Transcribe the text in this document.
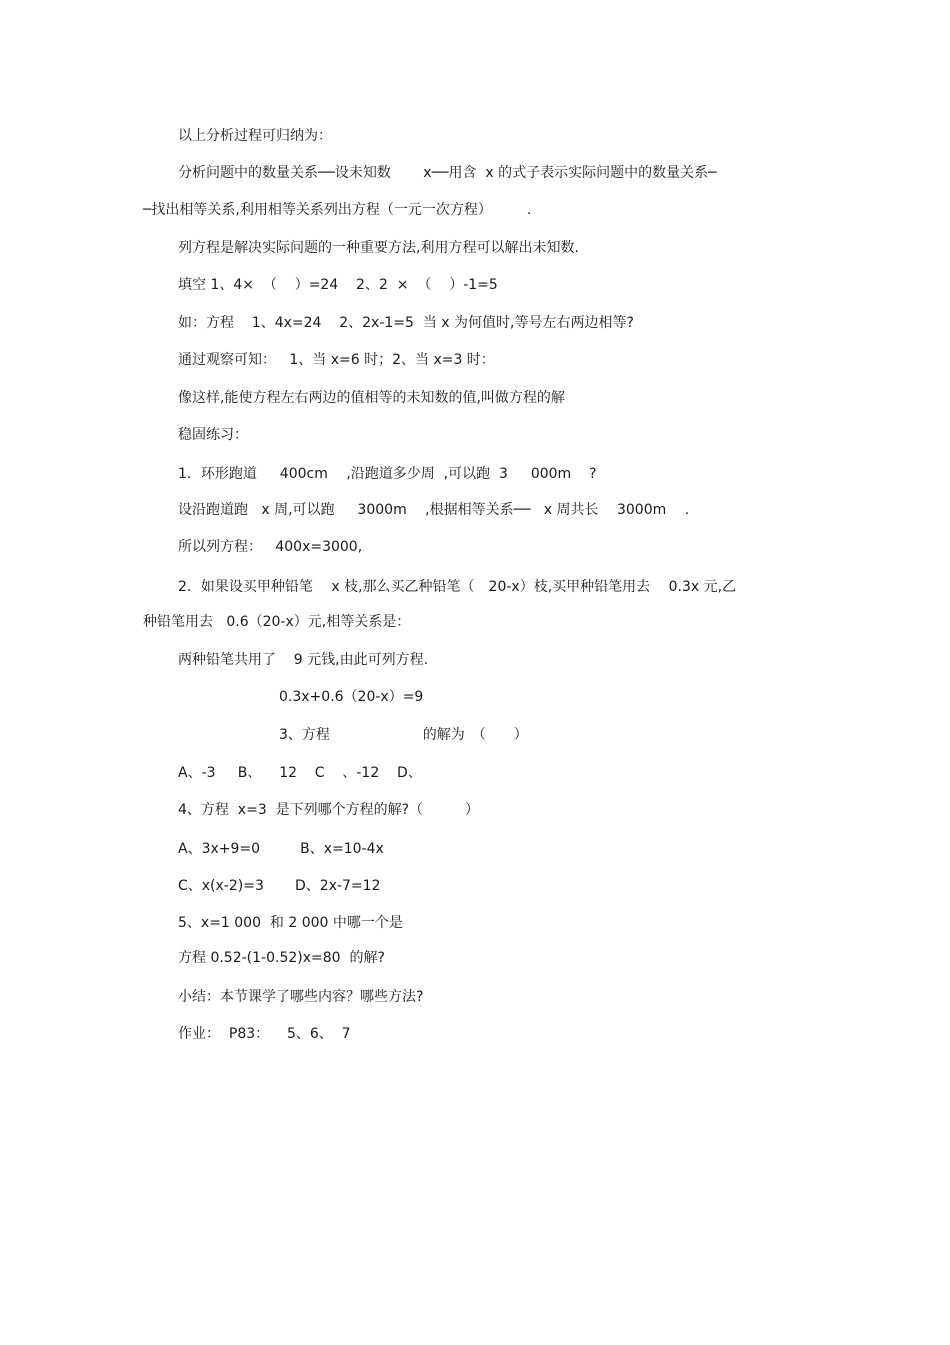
以上分析过程可归纳为：
分析问题中的数量关系──设未知数　　 x──用含  x 的式子表示实际问题中的数量关系─
─找出相等关系,利用相等关系列出方程（一元一次方程）　　　.
列方程是解决实际问题的一种重要方法,利用方程可以解出未知数.
填空 1、4×  （    ）=24    2、2  ×  （    ）-1=5
如：方程    1、4x=24    2、2x-1=5  当 x 为何值时,等号左右两边相等?
通过观察可知：   1、当 x=6 时；2、当 x=3 时：
像这样,能使方程左右两边的值相等的未知数的值,叫做方程的解
稳固练习：
1．环形跑道　  400cm　 ,沿跑道多少周  ,可以跑  3　  000m    ?
设沿跑道跑   x 周,可以跑　  3000m　 ,根据相等关系──   x 周共长　 3000m　 .
所以列方程：   400x=3000,
2．如果设买甲种铅笔　 x 枝,那么买乙种铅笔（　20-x）枝,买甲种铅笔用去　 0.3x 元,乙
种铅笔用去   0.6（20-x）元,相等关系是：
两种铅笔共用了    9 元钱,由此可列方程.
0.3x+0.6（20-x）=9
3、方程　　　　　　  的解为　（　　）
A、-3     B、    12    C    、-12    D、
4、方程  x=3  是下列哪个方程的解?（　　　）
A、3x+9=0         B、x=10-4x
C、x(x-2)=3       D、2x-7=12
5、x=1 000  和 2 000 中哪一个是
方程 0.52-(1-0.52)x=80  的解?
小结：本节课学了哪些内容？哪些方法?
作业：  P83：    5、6、  7
